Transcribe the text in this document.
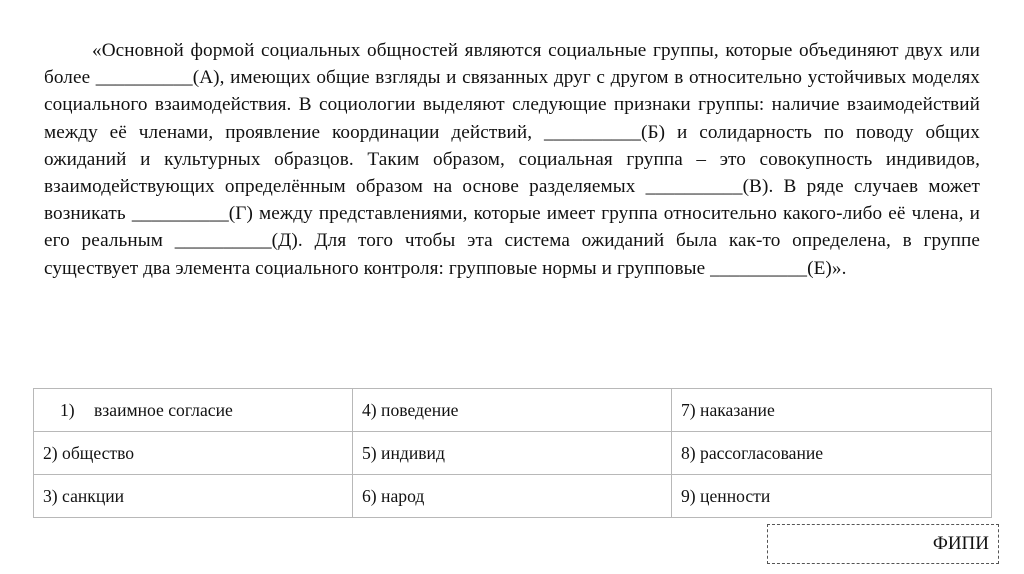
«Основной формой социальных общностей являются социальные группы, которые объединяют двух или более __________(А), имеющих общие взгляды и связанных друг с другом в относительно устойчивых моделях социального взаимодействия. В социологии выделяют следующие признаки группы: наличие взаимодействий между её членами, проявление координации действий, __________(Б) и солидарность по поводу общих ожиданий и культурных образцов. Таким образом, социальная группа – это совокупность индивидов, взаимодействующих определённым образом на основе разделяемых __________(В). В ряде случаев может возникать __________(Г) между представлениями, которые имеет группа относительно какого-либо её члена, и его реальным __________(Д). Для того чтобы эта система ожиданий была как-то определена, в группе существует два элемента социального контроля: групповые нормы и групповые __________(Е)».

1) взаимное согласие	4) поведение	7) наказание
2) общество	5) индивид	8) рассогласование
3) санкции	6) народ	9) ценности
ФИПИ
